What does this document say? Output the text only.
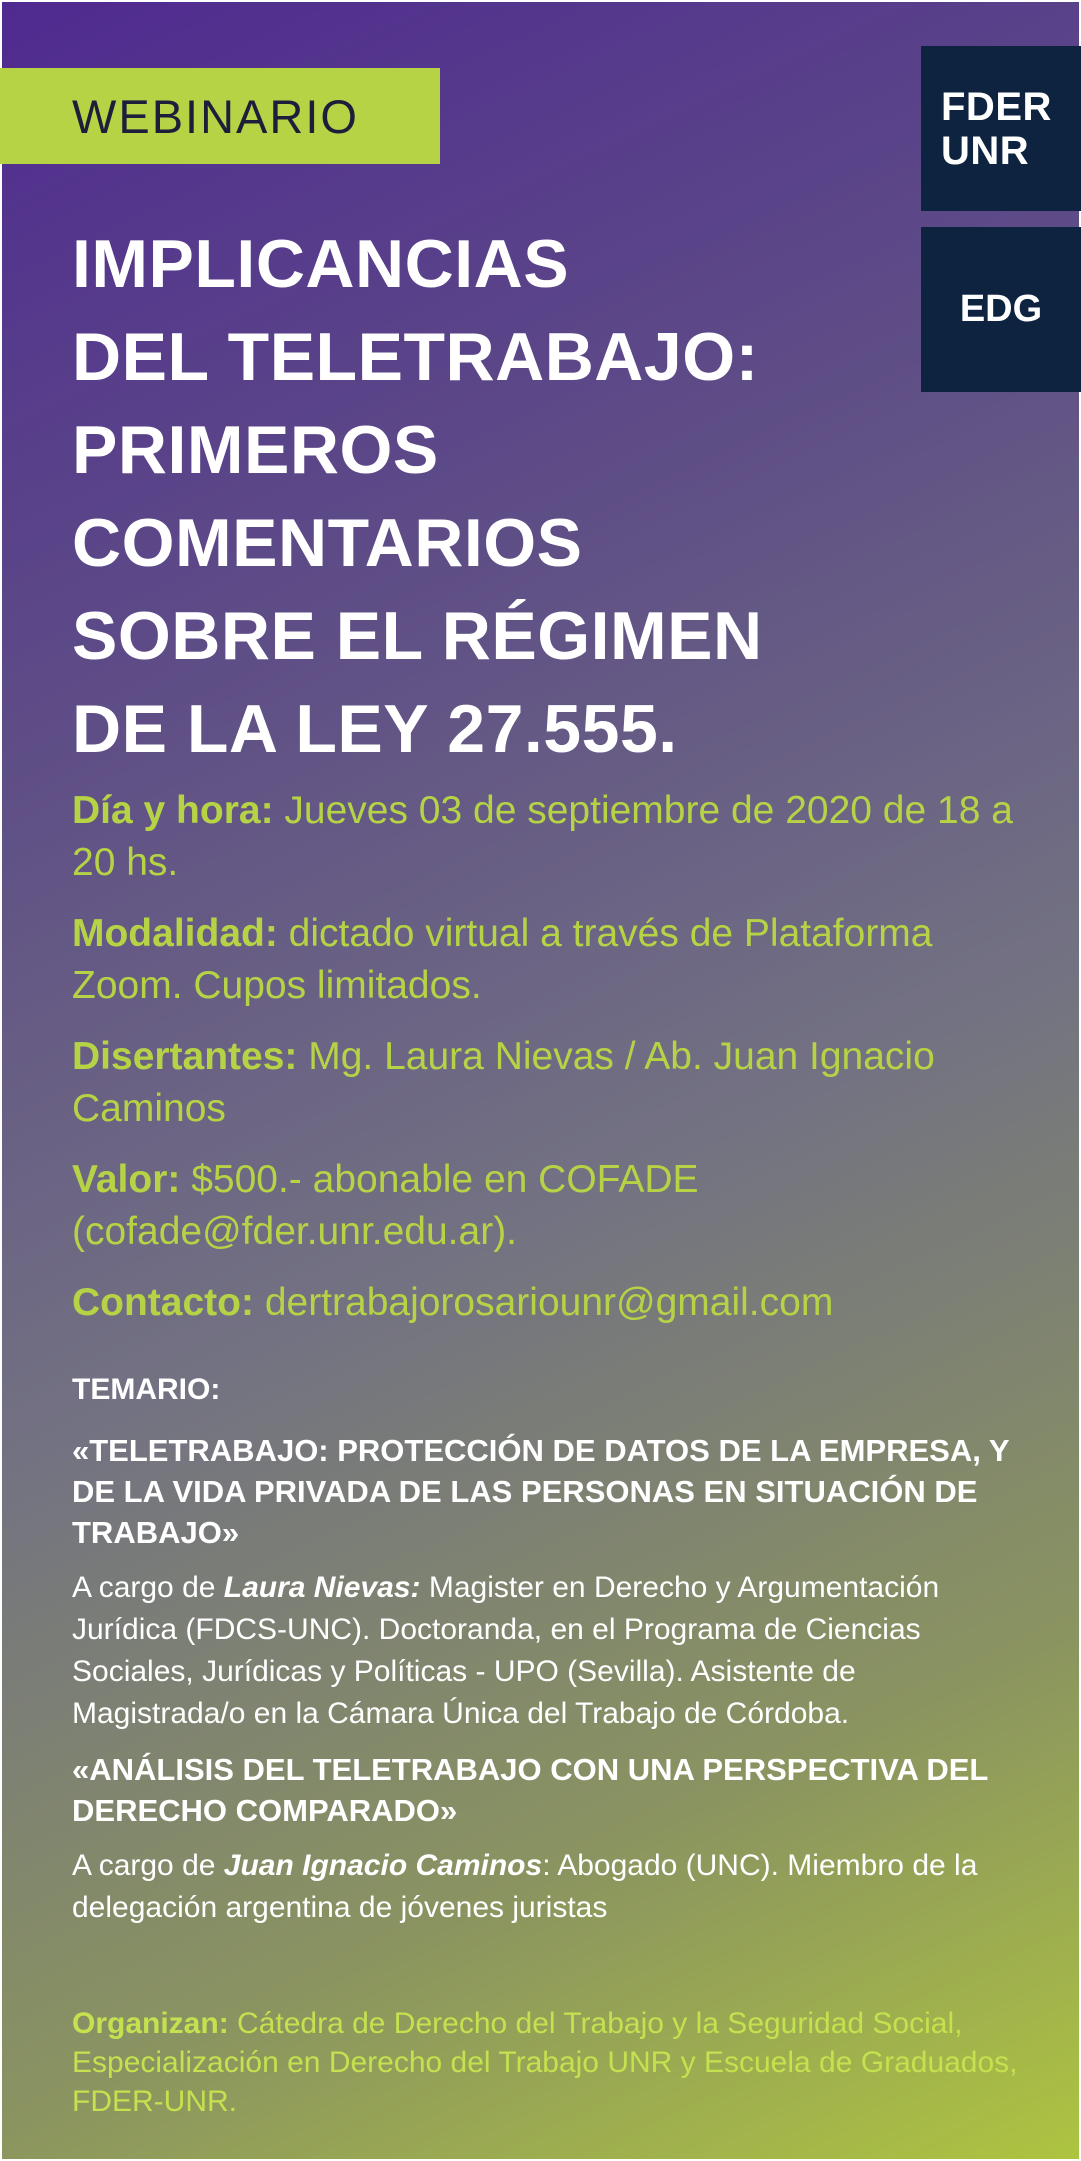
WEBINARIO	FDER
UNR
EDG
IMPLICANCIAS
DEL TELETRABAJO:
PRIMEROS
COMENTARIOS
SOBRE EL RÉGIMEN
DE LA LEY 27.555.

Día y hora: Jueves 03 de septiembre de 2020 de 18 a 20 hs.

Modalidad: dictado virtual a través de Plataforma Zoom. Cupos limitados.

Disertantes: Mg. Laura Nievas / Ab. Juan Ignacio Caminos

Valor: $500.- abonable en COFADE (cofade@fder.unr.edu.ar).

Contacto: dertrabajorosariounr@gmail.com

TEMARIO:
«TELETRABAJO: PROTECCIÓN DE DATOS DE LA EMPRESA, Y DE LA VIDA PRIVADA DE LAS PERSONAS EN SITUACIÓN DE TRABAJO»
A cargo de Laura Nievas: Magister en Derecho y Argumentación Jurídica (FDCS-UNC). Doctoranda, en el Programa de Ciencias Sociales, Jurídicas y Políticas - UPO (Sevilla). Asistente de Magistrada/o en la Cámara Única del Trabajo de Córdoba.
«ANÁLISIS DEL TELETRABAJO CON UNA PERSPECTIVA DEL DERECHO COMPARADO»
A cargo de Juan Ignacio Caminos: Abogado (UNC). Miembro de la delegación argentina de jóvenes juristas
Organizan: Cátedra de Derecho del Trabajo y la Seguridad Social, Especialización en Derecho del Trabajo UNR y Escuela de Graduados, FDER-UNR.
